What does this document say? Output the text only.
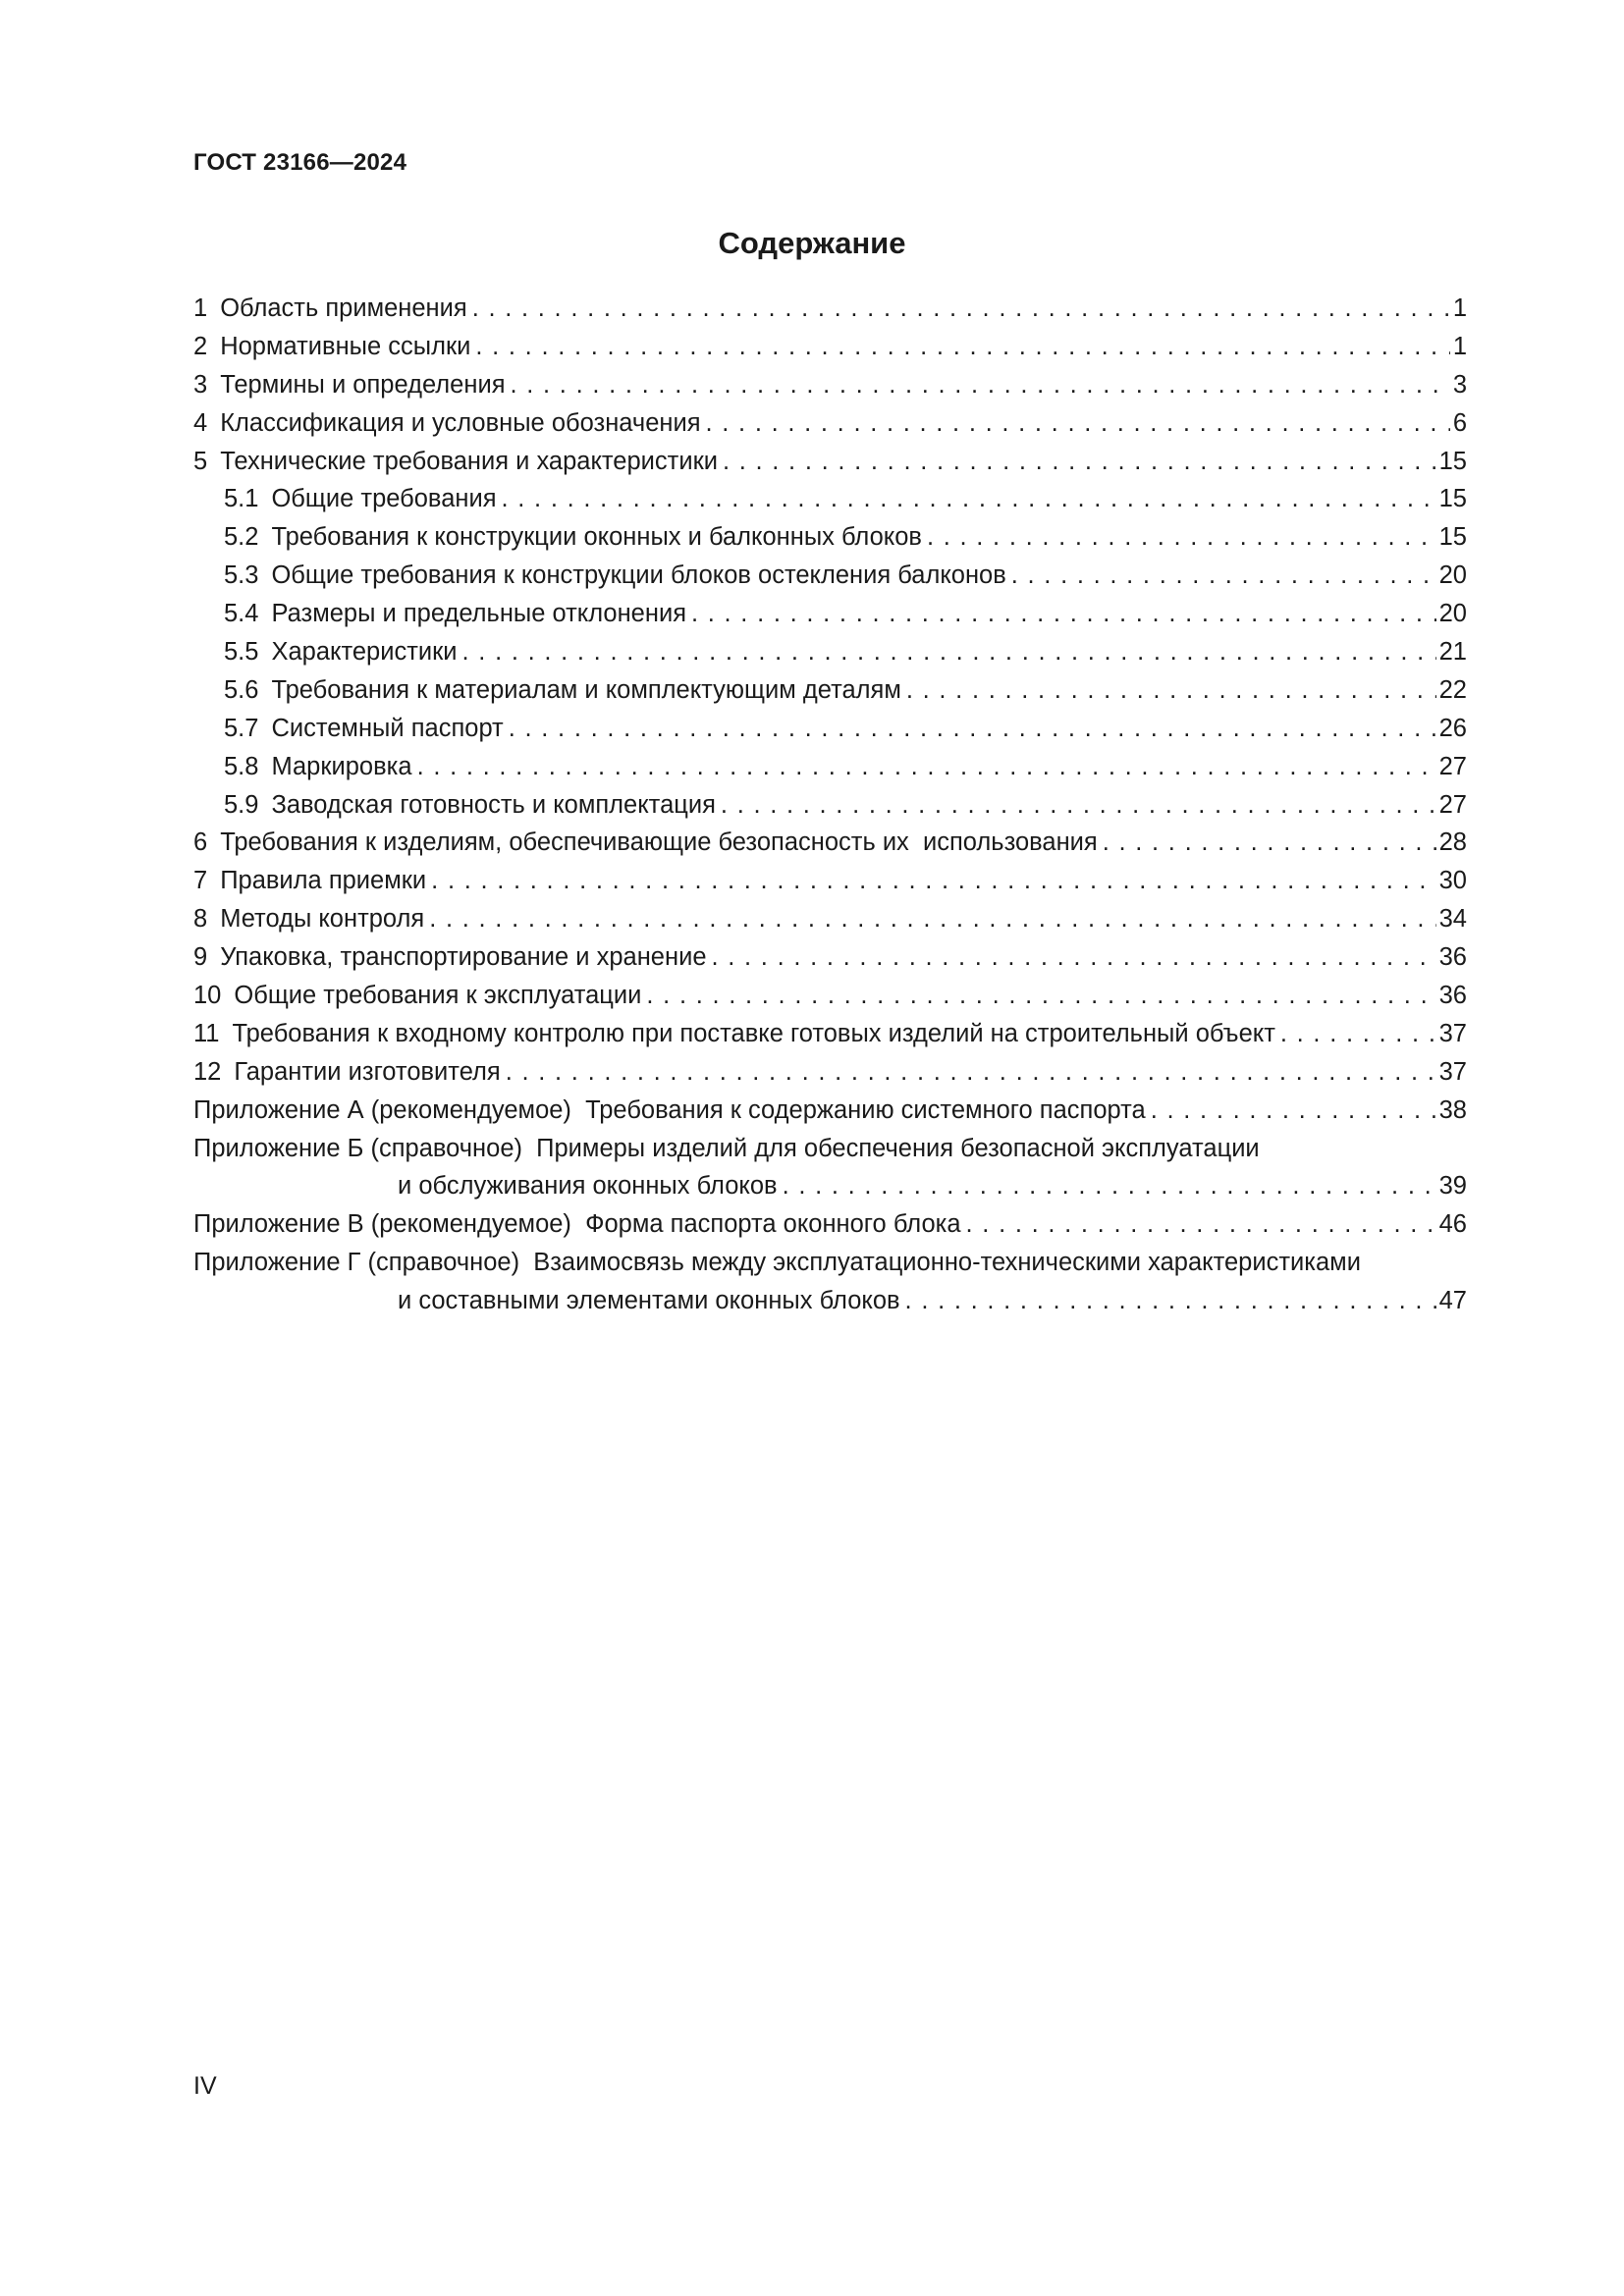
ГОСТ 23166—2024
Содержание
1 Область применения . . .	1
2 Нормативные ссылки . . .	1
3 Термины и определения . . .	3
4 Классификация и условные обозначения . . .	6
5 Технические требования и характеристики . . .	15
5.1 Общие требования . . .	15
5.2 Требования к конструкции оконных и балконных блоков . . .	15
5.3 Общие требования к конструкции блоков остекления балконов . . .	20
5.4 Размеры и предельные отклонения . . .	20
5.5 Характеристики . . .	21
5.6 Требования к материалам и комплектующим деталям . . .	22
5.7 Системный паспорт . . .	26
5.8 Маркировка . . .	27
5.9 Заводская готовность и комплектация . . .	27
6 Требования к изделиям, обеспечивающие безопасность их  использования . . .	28
7 Правила приемки . . .	30
8 Методы контроля . . .	34
9 Упаковка, транспортирование и хранение . . .	36
10 Общие требования к эксплуатации . . .	36
11 Требования к входному контролю при поставке готовых изделий на строительный объект . . .	37
12 Гарантии изготовителя . . .	37
Приложение А (рекомендуемое)  Требования к содержанию системного паспорта . . .	38
Приложение Б (справочное)  Примеры изделий для обеспечения безопасной эксплуатации
и обслуживания оконных блоков . . .	39
Приложение В (рекомендуемое)  Форма паспорта оконного блока . . .	46
Приложение Г (справочное)  Взаимосвязь между эксплуатационно-техническими характеристиками
и составными элементами оконных блоков . . .	47
IV
